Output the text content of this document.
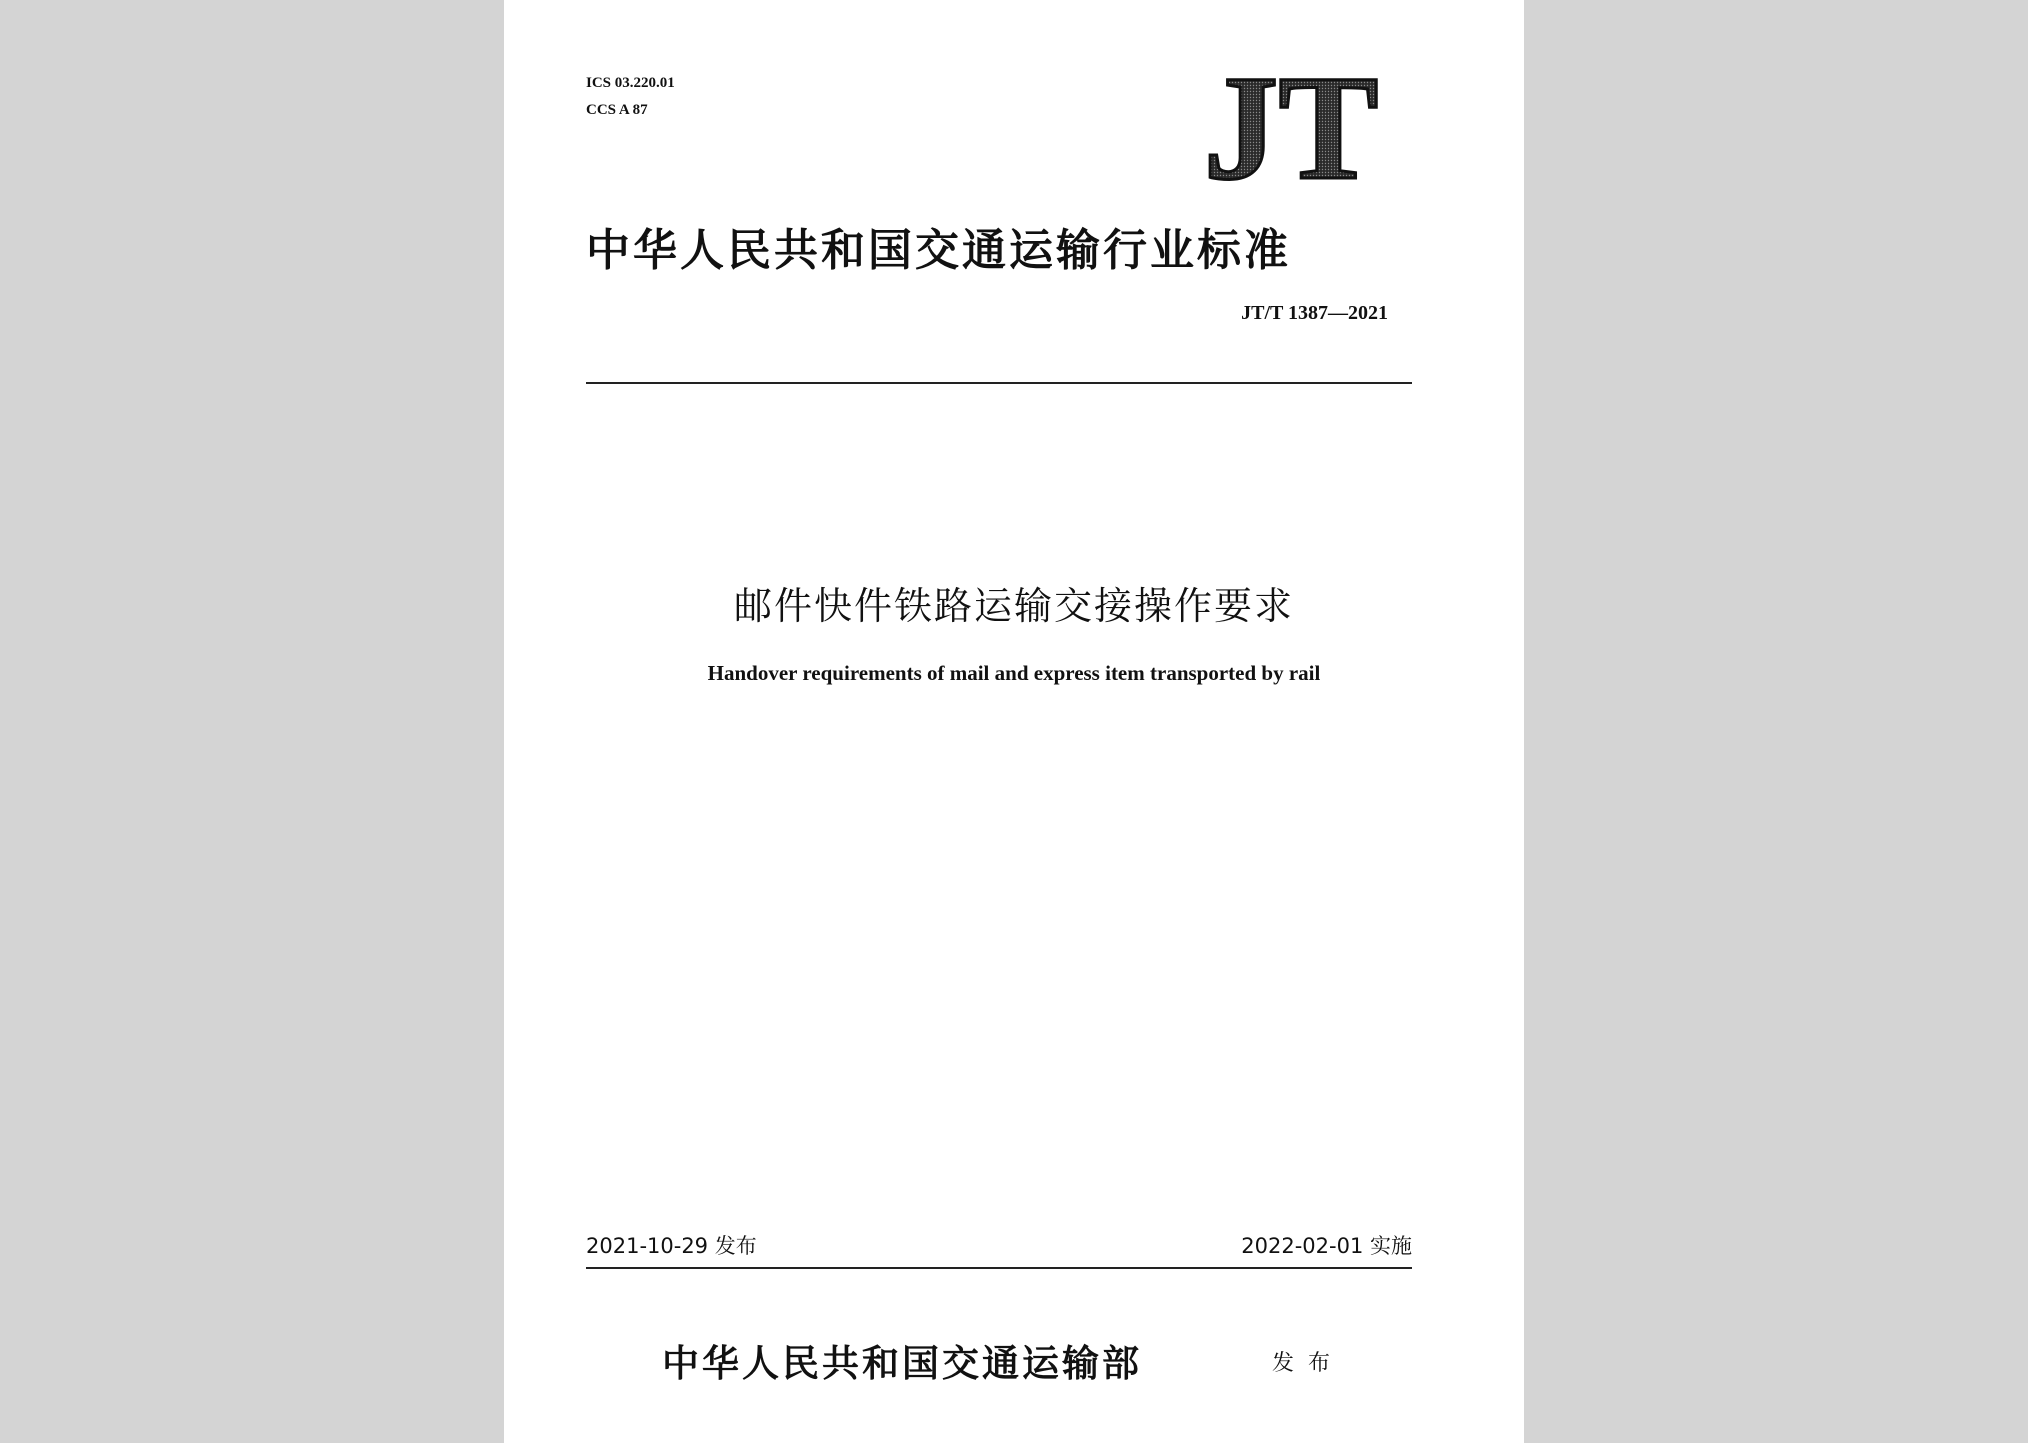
ICS 03.220.01
CCS A 87	JT
中华人民共和国交通运输行业标准
JT/T 1387—2021
邮件快件铁路运输交接操作要求
Handover requirements of mail and express item transported by rail
2021-10-29 发布	2022-02-01 实施
中华人民共和国交通运输部	发布
